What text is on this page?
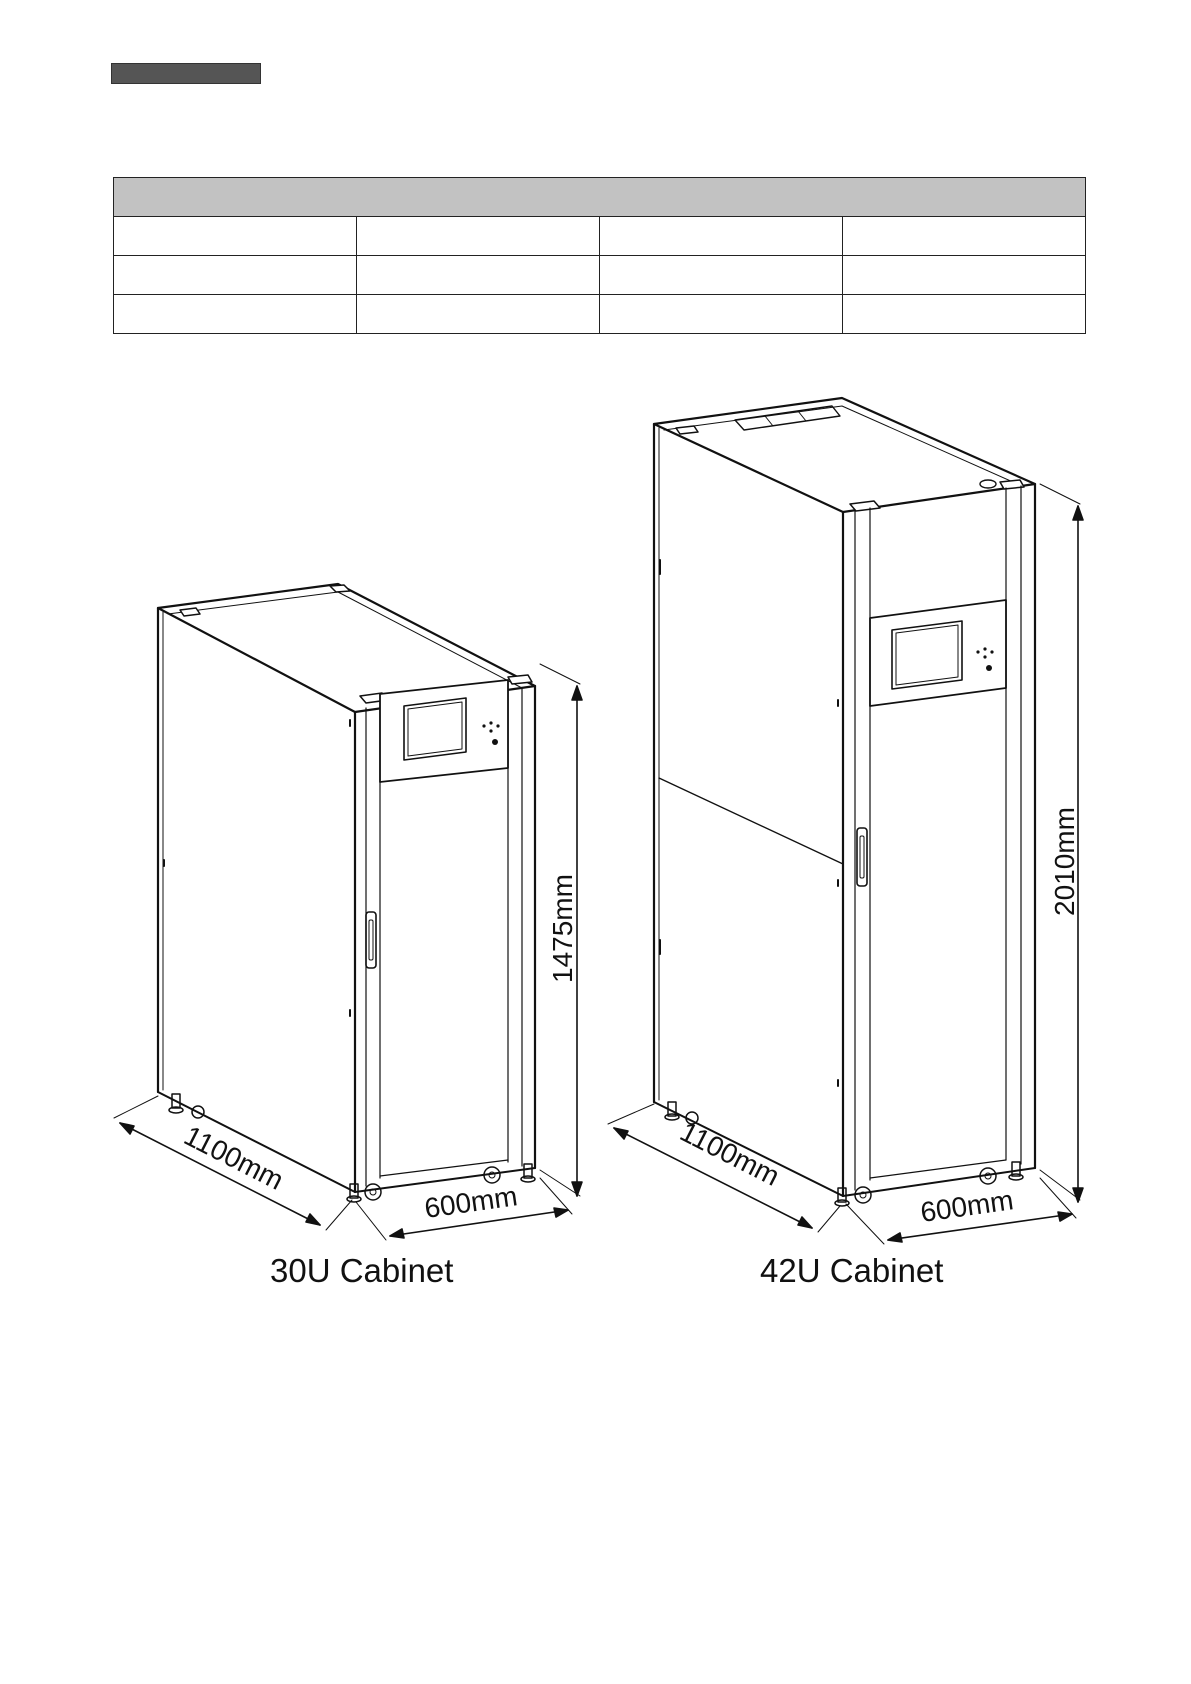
1100mm
600mm
1475mm
30U Cabinet
1100mm
600mm
2010mm
42U Cabinet
